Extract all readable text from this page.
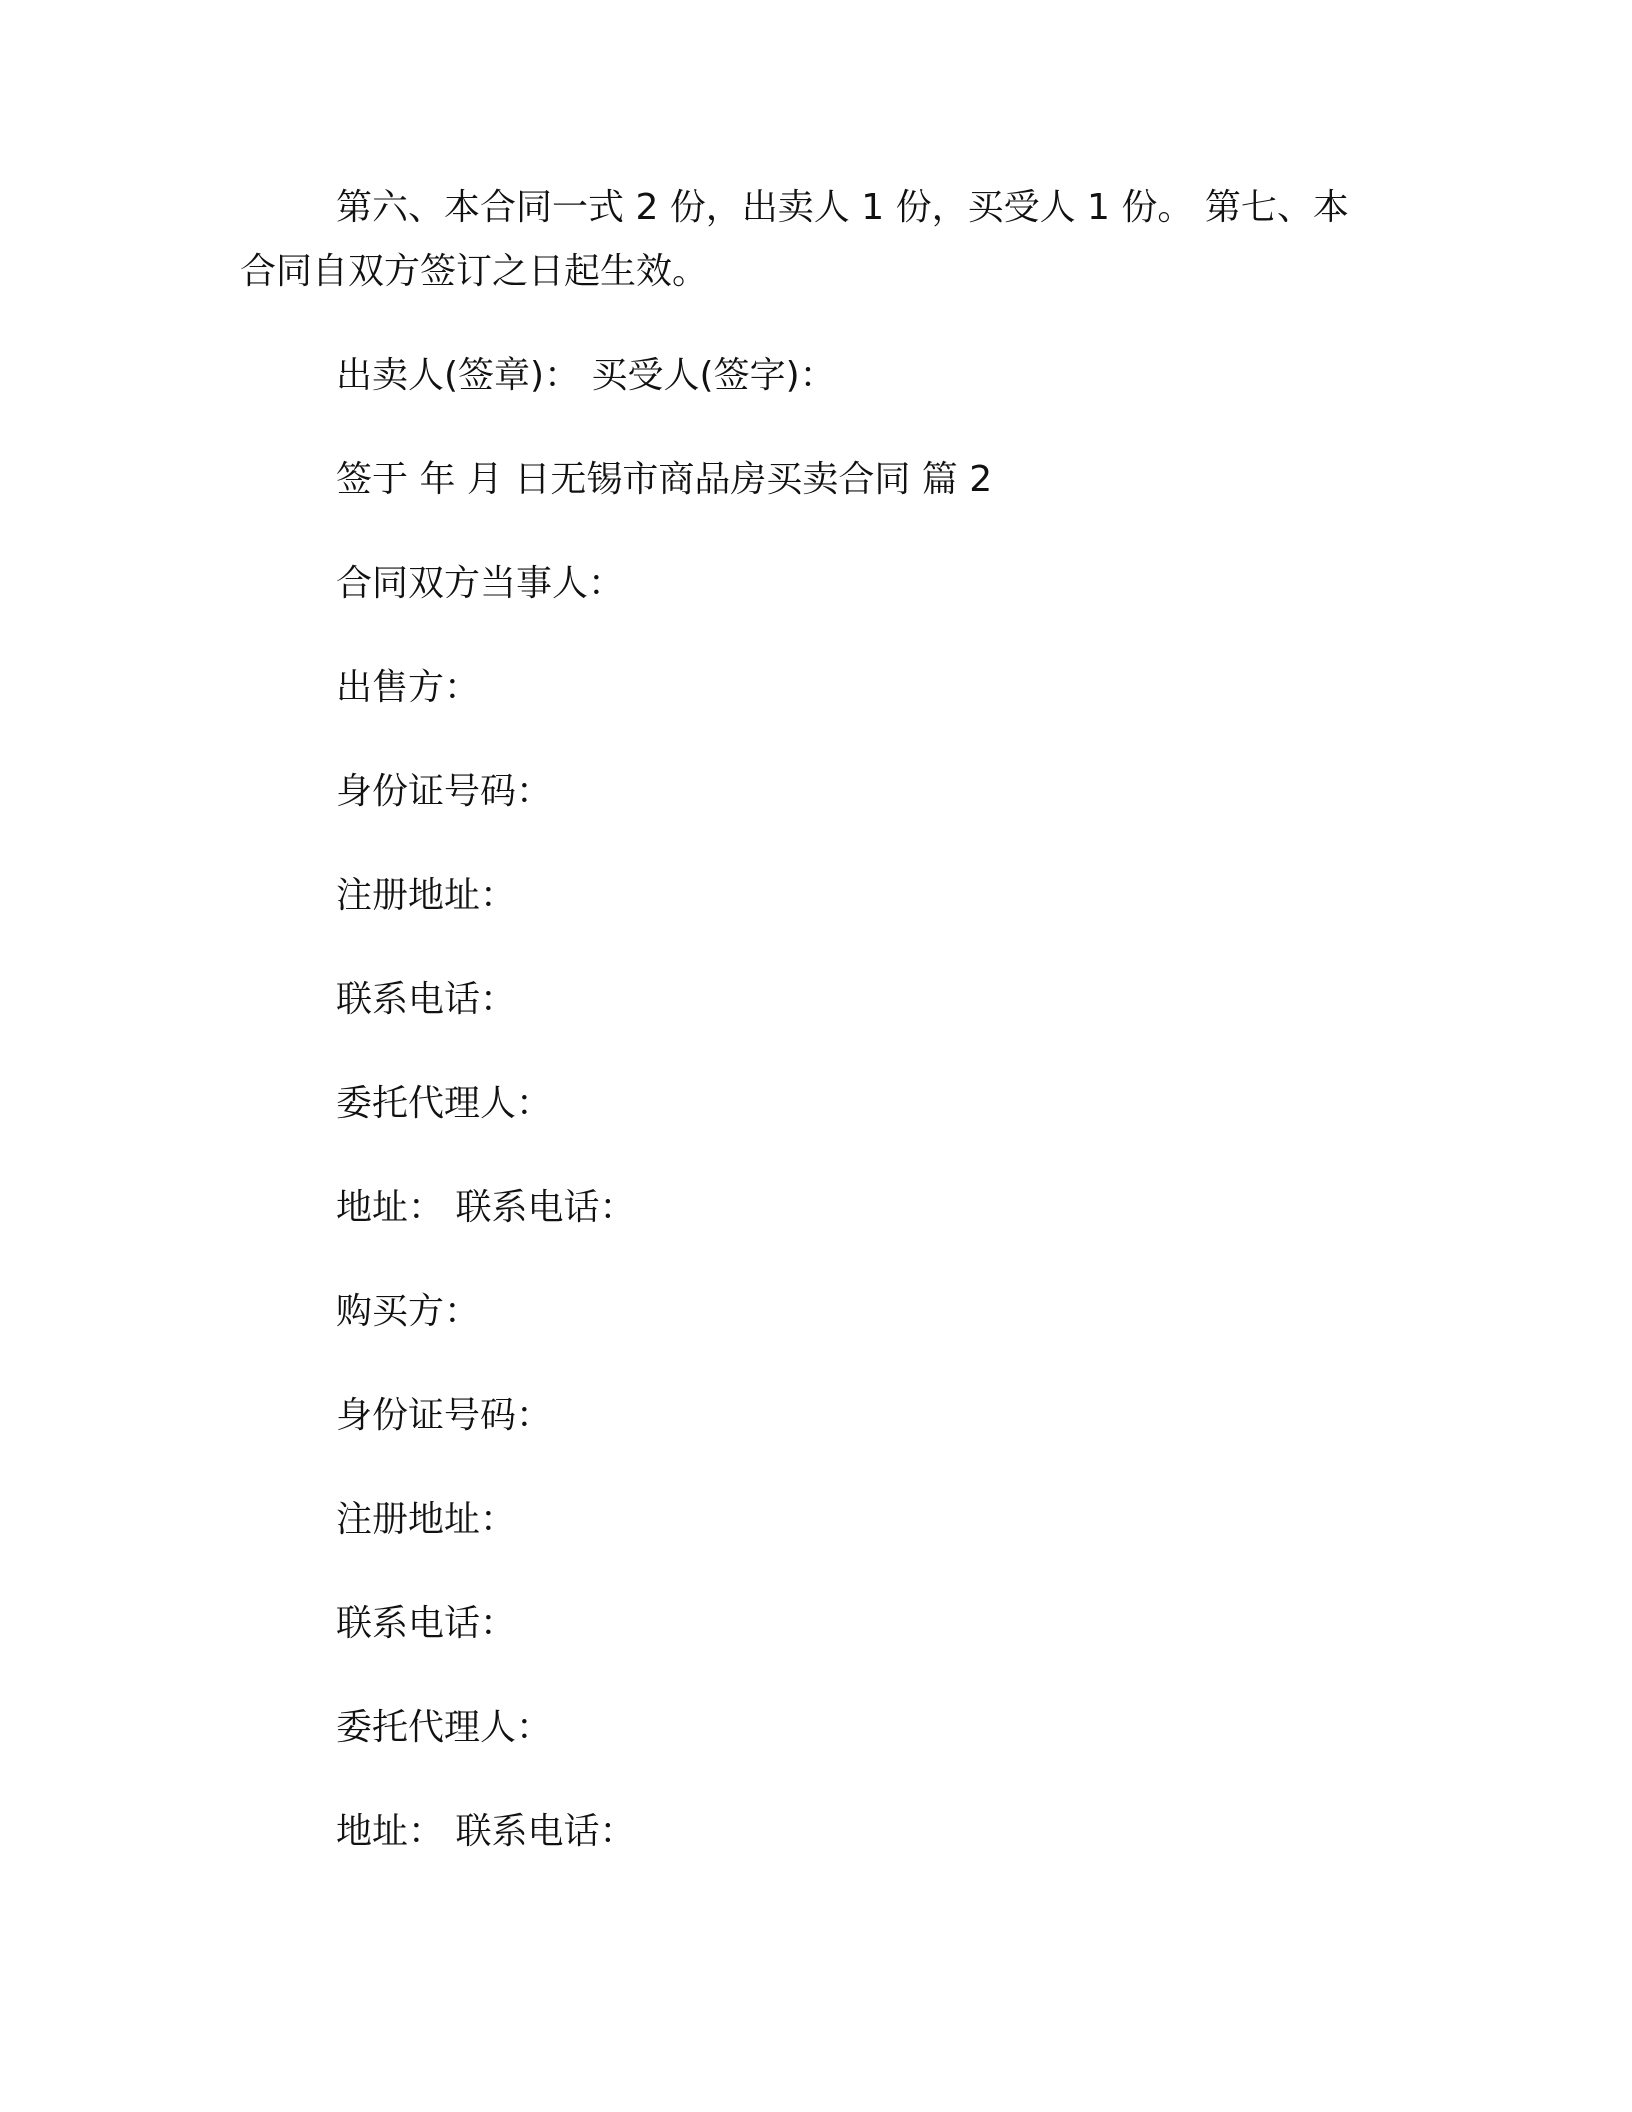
第六、本合同一式 2 份，出卖人 1 份，买受人 1 份。 第七、本合同自双方签订之日起生效。

出卖人(签章)： 买受人(签字)：
签于 年 月 日无锡市商品房买卖合同 篇 2
合同双方当事人：
出售方：
身份证号码：
注册地址：
联系电话：
委托代理人：
地址： 联系电话：
购买方：
身份证号码：
注册地址：
联系电话：
委托代理人：
地址： 联系电话：
